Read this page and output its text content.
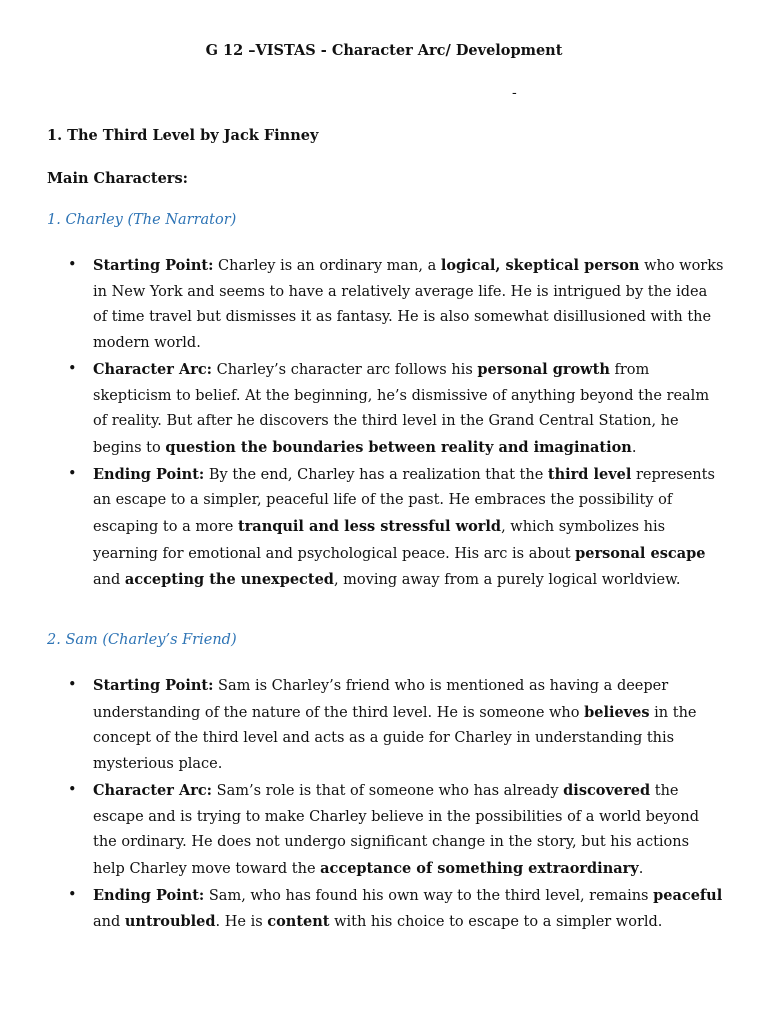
G 12 –VISTAS - Character Arc/ Development
-
1. The Third Level by Jack Finney
Main Characters:
1. Charley (The Narrator)
• Starting Point: Charley is an ordinary man, a logical, skeptical person who works in New York and seems to have a relatively average life. He is intrigued by the idea of time travel but dismisses it as fantasy. He is also somewhat disillusioned with the modern world.
• Character Arc: Charley’s character arc follows his personal growth from skepticism to belief. At the beginning, he’s dismissive of anything beyond the realm of reality. But after he discovers the third level in the Grand Central Station, he begins to question the boundaries between reality and imagination.
• Ending Point: By the end, Charley has a realization that the third level represents an escape to a simpler, peaceful life of the past. He embraces the possibility of escaping to a more tranquil and less stressful world, which symbolizes his yearning for emotional and psychological peace. His arc is about personal escape and accepting the unexpected, moving away from a purely logical worldview.
2. Sam (Charley’s Friend)
• Starting Point: Sam is Charley’s friend who is mentioned as having a deeper understanding of the nature of the third level. He is someone who believes in the concept of the third level and acts as a guide for Charley in understanding this mysterious place.
• Character Arc: Sam’s role is that of someone who has already discovered the escape and is trying to make Charley believe in the possibilities of a world beyond the ordinary. He does not undergo significant change in the story, but his actions help Charley move toward the acceptance of something extraordinary.
• Ending Point: Sam, who has found his own way to the third level, remains peaceful and untroubled. He is content with his choice to escape to a simpler world.
